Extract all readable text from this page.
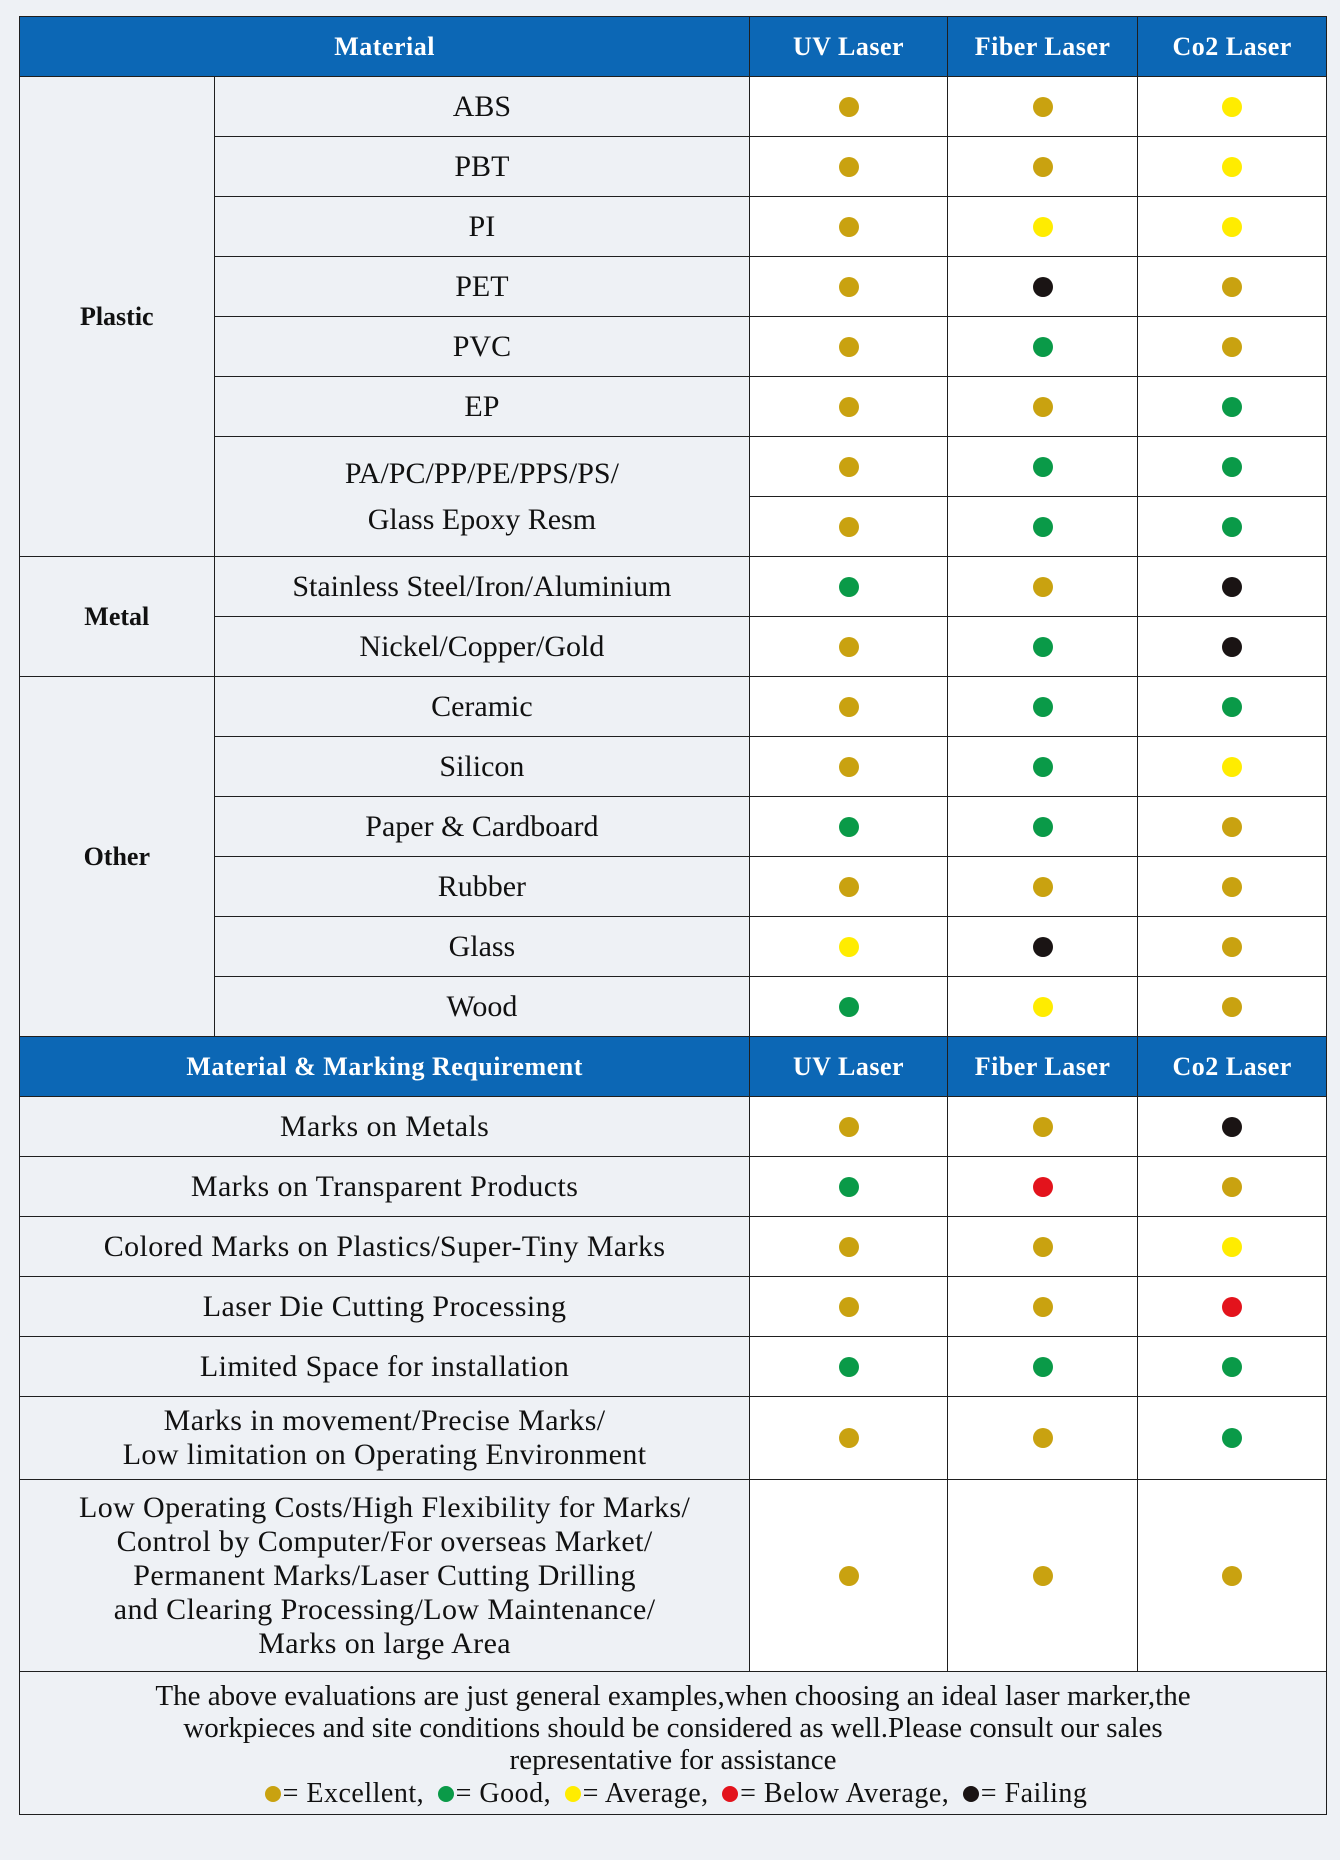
Material		UV Laser	Fiber Laser	Co2 Laser
Plastic	ABS			
	PBT			
	PI			
	PET			
	PVC			
	EP			

	PA/PC/PP/PE/PPS/PS/
Glass Epoxy Resm			

Metal	Stainless Steel/Iron/Aluminium			
	Nickel/Copper/Gold			
Other	Ceramic			
	Silicon			
	Paper & Cardboard			
	Rubber			
	Glass			
	Wood			
Material & Marking Requirement		UV Laser	Fiber Laser	Co2 Laser

Marks on Metals				

Marks on Transparent Products				

Colored Marks on Plastics/Super-Tiny Marks				

Laser Die Cutting Processing				

Limited Space for installation				

Marks in movement/Precise Marks/
Low limitation on Operating Environment				

Low Operating Costs/High Flexibility for Marks/
Control by Computer/For overseas Market/
Permanent Marks/Laser Cutting Drilling
and Clearing Processing/Low Maintenance/
Marks on large Area				

The above evaluations are just general examples,when choosing an ideal laser marker,the
workpieces and site conditions should be considered as well.Please consult our sales
representative for assistance
= Excellent, = Good, = Average, = Below Average, = Failing
